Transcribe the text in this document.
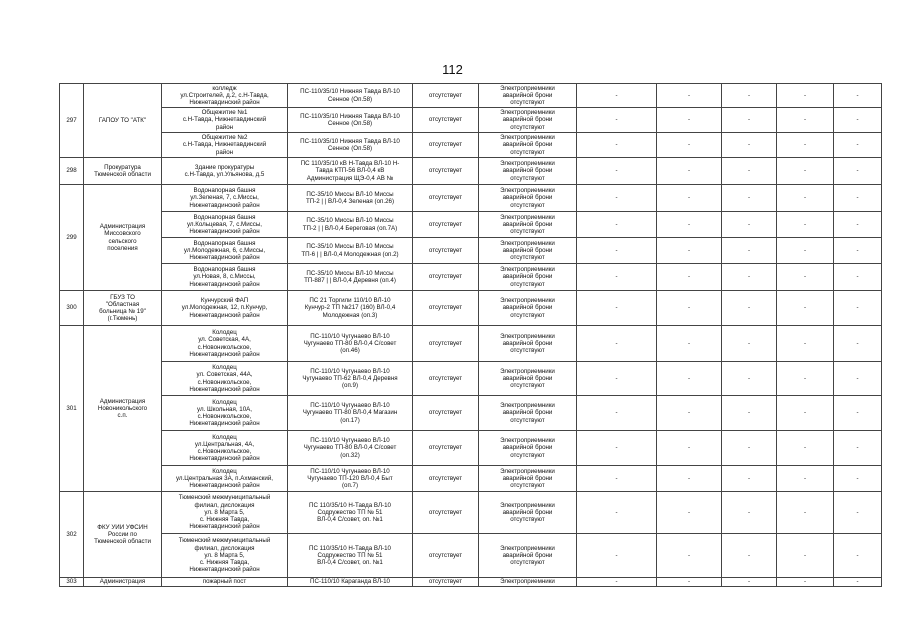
112
297	ГАПОУ ТО "АТК"	колледж
ул.Строителей, д.2, с.Н-Тавда,
Нижнетавдинский район	ПС-110/35/10 Нижняя Тавда ВЛ-10
Сенное (Оп.58)	отсутствует	Электроприемники
аварийной брони
отсутствуют	-	-	-	-	-
		Общежитие №1
с.Н-Тавда, Нижнетавдинский
район	ПС-110/35/10 Нижняя Тавда ВЛ-10
Сенное (Оп.58)	отсутствует	Электроприемники
аварийной брони
отсутствуют	-	-	-	-	-
		Общежитие №2
с.Н-Тавда, Нижнетавдинский
район	ПС-110/35/10 Нижняя Тавда ВЛ-10
Сенное (Оп.58)	отсутствует	Электроприемники
аварийной брони
отсутствуют	-	-	-	-	-
298	Прокуратура
Тюменской области	Здание прокуратуры
с.Н-Тавда, ул.Ульянова, д.5	ПС 110/35/10 кВ Н-Тавда ВЛ-10 Н-
Тавда КТП-56 ВЛ-0,4 кВ
Администрация ЩЭ-0,4 АВ №	отсутствует	Электроприемники
аварийной брони
отсутствуют	-	-	-	-	-
299	Администрация
Миссовского
сельского
поселения	Водонапорная башня
ул.Зеленая, 7, с.Миссы,
Нижнетавдинский район	ПС-35/10 Миссы ВЛ-10 Миссы
ТП-2 | | ВЛ-0,4 Зеленая (оп.26)	отсутствует	Электроприемники
аварийной брони
отсутствуют	-	-	-	-	-
		Водонапорная башня
ул.Кольцевая, 7, с.Миссы,
Нижнетавдинский район	ПС-35/10 Миссы ВЛ-10 Миссы
ТП-2 | | ВЛ-0,4 Береговая (оп.7А)	отсутствует	Электроприемники
аварийной брони
отсутствуют	-	-	-	-	-
		Водонапорная башня
ул.Молодежная, 6, с.Миссы,
Нижнетавдинский район	ПС-35/10 Миссы ВЛ-10 Миссы
ТП-6 | | ВЛ-0,4 Молодежная (оп.2)	отсутствует	Электроприемники
аварийной брони
отсутствуют	-	-	-	-	-
		Водонапорная башня
ул.Новая, 8, с.Миссы,
Нижнетавдинский район	ПС-35/10 Миссы ВЛ-10 Миссы
ТП-887 | | ВЛ-0,4 Деревня (оп.4)	отсутствует	Электроприемники
аварийной брони
отсутствуют	-	-	-	-	-
300	ГБУЗ ТО
"Областная
больница № 19"
(г.Тюмень)	Кунчурский ФАП
ул.Молодежная, 12, п.Кунчур,
Нижнетавдинский район	ПС 21 Торгили 110/10 ВЛ-10
Кунчур-2 ТП №217 (160) ВЛ-0,4
Молодежная (оп.3)	отсутствует	Электроприемники
аварийной брони
отсутствуют	-	-	-	-	-
301	Администрация
Новоникольского
с.п.	Колодец
ул. Советская, 4А,
с.Новоникольское,
Нижнетавдинский район	ПС-110/10 Чугунаево ВЛ-10
Чугунаево ТП-80 ВЛ-0,4 С/совет
(оп.46)	отсутствует	Электроприемники
аварийной брони
отсутствуют	-	-	-	-	-
		Колодец
ул. Советская, 44А,
с.Новоникольское,
Нижнетавдинский район	ПС-110/10 Чугунаево ВЛ-10
Чугунаево ТП-62 ВЛ-0,4 Деревня
(оп.9)	отсутствует	Электроприемники
аварийной брони
отсутствуют	-	-	-	-	-
		Колодец
ул. Школьная, 10А,
с.Новоникольское,
Нижнетавдинский район	ПС-110/10 Чугунаево ВЛ-10
Чугунаево ТП-80 ВЛ-0,4 Магазин
(оп.17)	отсутствует	Электроприемники
аварийной брони
отсутствуют	-	-	-	-	-
		Колодец
ул.Центральная, 4А,
с.Новоникольское,
Нижнетавдинский район	ПС-110/10 Чугунаево ВЛ-10
Чугунаево ТП-80 ВЛ-0,4 С/совет
(оп.32)	отсутствует	Электроприемники
аварийной брони
отсутствуют	-	-	-	-	-
		Колодец
ул.Центральная 3А, п.Ахманский,
Нижнетавдинский район	ПС-110/10 Чугунаево ВЛ-10
Чугунаево ТП-120 ВЛ-0,4 Быт
(оп.7)	отсутствует	Электроприемники
аварийной брони
отсутствуют	-	-	-	-	-
302	ФКУ УИИ УФСИН
России по
Тюменской области	Тюменский межмуниципальный
филиал, дислокация
ул. 8 Марта 5,
с. Нижняя Тавда,
Нижнетавдинский район	ПС 110/35/10 Н-Тавда ВЛ-10
Содружество ТП № 51
ВЛ-0,4 С/совет, оп. №1	отсутствует	Электроприемники
аварийной брони
отсутствуют	-	-	-	-	-
		Тюменский межмуниципальный
филиал, дислокация
ул. 8 Марта 5,
с. Нижняя Тавда,
Нижнетавдинский район	ПС 110/35/10 Н-Тавда ВЛ-10
Содружество ТП № 51
ВЛ-0,4 С/совет, оп. №1	отсутствует	Электроприемники
аварийной брони
отсутствуют	-	-	-	-	-
303	Администрация	пожарный пост	ПС-110/10 Караганда ВЛ-10	отсутствует	Электроприемники	-	-	-	-	-
